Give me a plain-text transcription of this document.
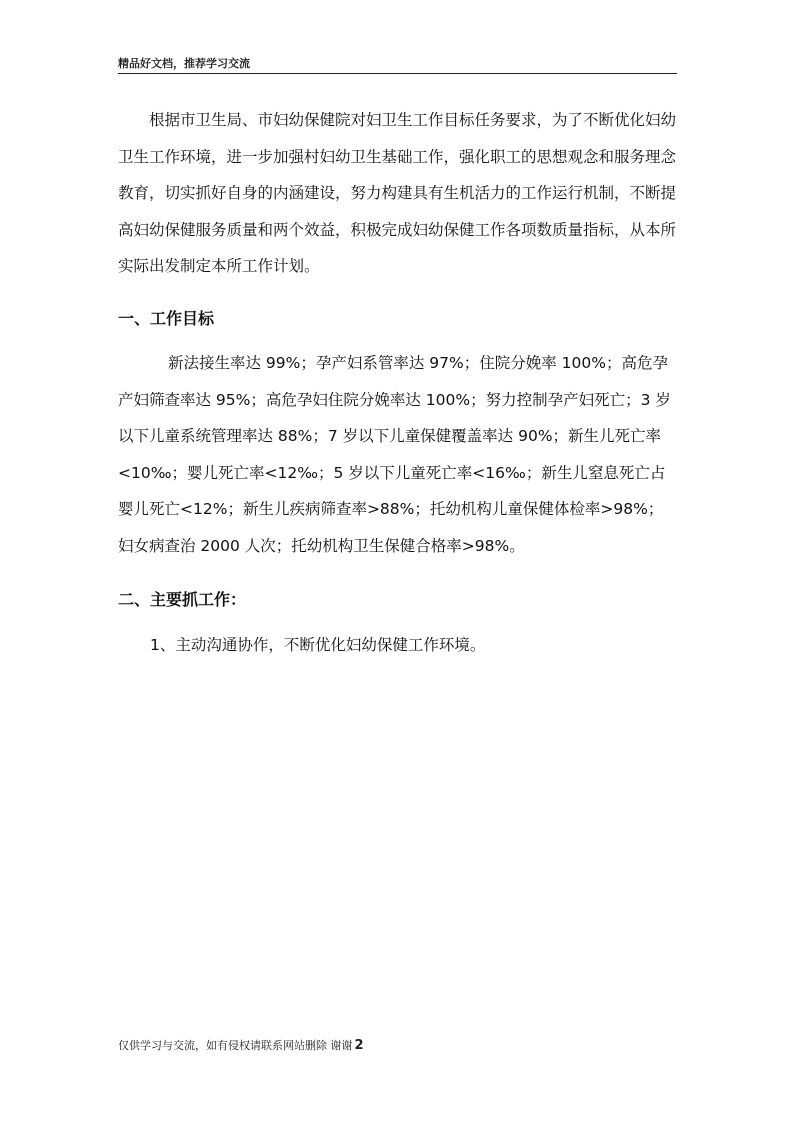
精品好文档，推荐学习交流

根据市卫生局、市妇幼保健院对妇卫生工作目标任务要求，为了不断优化妇幼卫生工作环境，进一步加强村妇幼卫生基础工作，强化职工的思想观念和服务理念教育，切实抓好自身的内涵建设，努力构建具有生机活力的工作运行机制，不断提高妇幼保健服务质量和两个效益，积极完成妇幼保健工作各项数质量指标，从本所实际出发制定本所工作计划。

一、工作目标

新法接生率达 99%；孕产妇系管率达 97%；住院分娩率 100%；高危孕产妇筛查率达 95%；高危孕妇住院分娩率达 100%；努力控制孕产妇死亡；3 岁以下儿童系统管理率达 88%；7 岁以下儿童保健覆盖率达 90%；新生儿死亡率<10‰；婴儿死亡率<12‰；5 岁以下儿童死亡率<16‰；新生儿窒息死亡占婴儿死亡<12%；新生儿疾病筛查率>88%；托幼机构儿童保健体检率>98%；妇女病查治 2000 人次；托幼机构卫生保健合格率>98%。

二、主要抓工作：
1、主动沟通协作，不断优化妇幼保健工作环境。
仅供学习与交流，如有侵权请联系网站删除 谢谢 2
